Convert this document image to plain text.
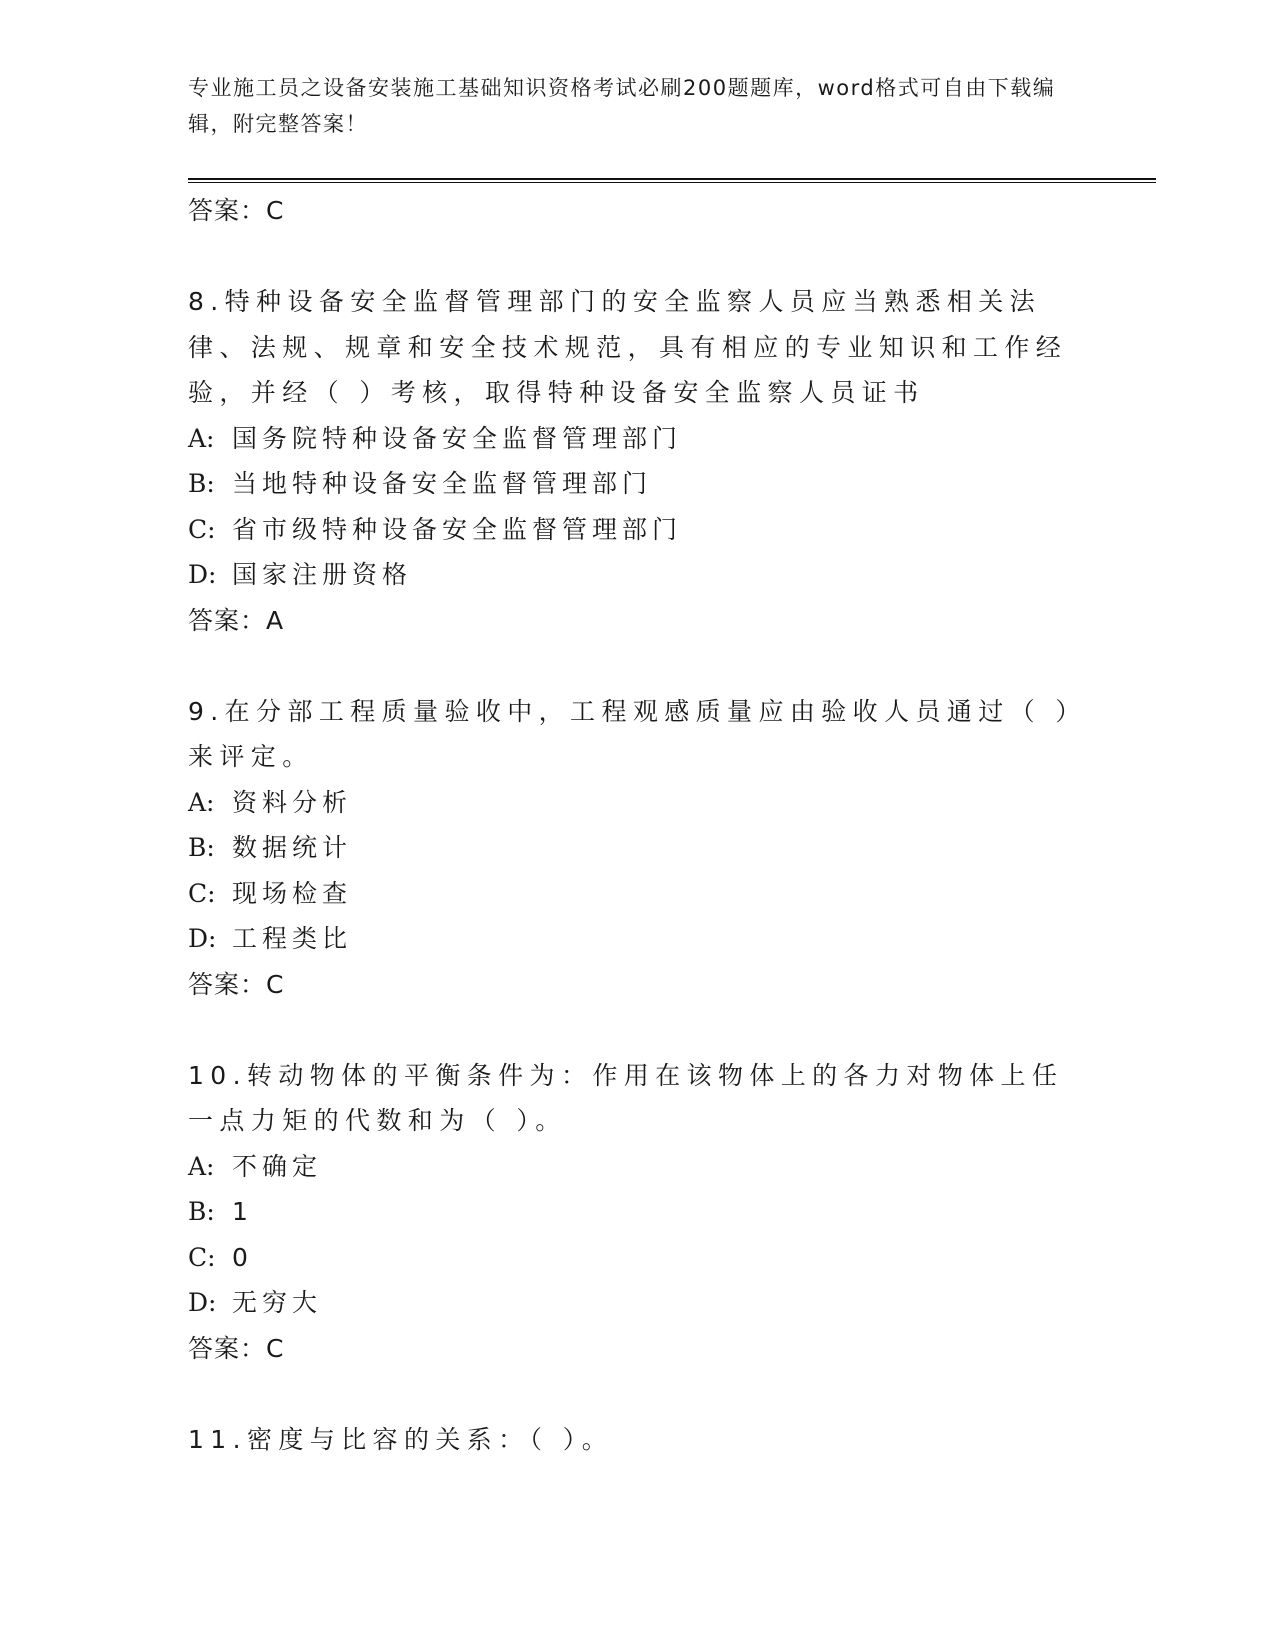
专业施工员之设备安装施工基础知识资格考试必刷200题题库，word格式可自由下载编辑，附完整答案！
答案：C
8.特种设备安全监督管理部门的安全监察人员应当熟悉相关法律、法规、规章和安全技术规范，具有相应的专业知识和工作经验，并经（ ）考核，取得特种设备安全监察人员证书
A: 国务院特种设备安全监督管理部门
B: 当地特种设备安全监督管理部门
C: 省市级特种设备安全监督管理部门
D: 国家注册资格
答案：A
9.在分部工程质量验收中，工程观感质量应由验收人员通过（ ）来评定。
A: 资料分析
B: 数据统计
C: 现场检查
D: 工程类比
答案：C
10.转动物体的平衡条件为：作用在该物体上的各力对物体上任一点力矩的代数和为（ ）。
A: 不确定
B: 1
C: 0
D: 无穷大
答案：C
11.密度与比容的关系：（ ）。
